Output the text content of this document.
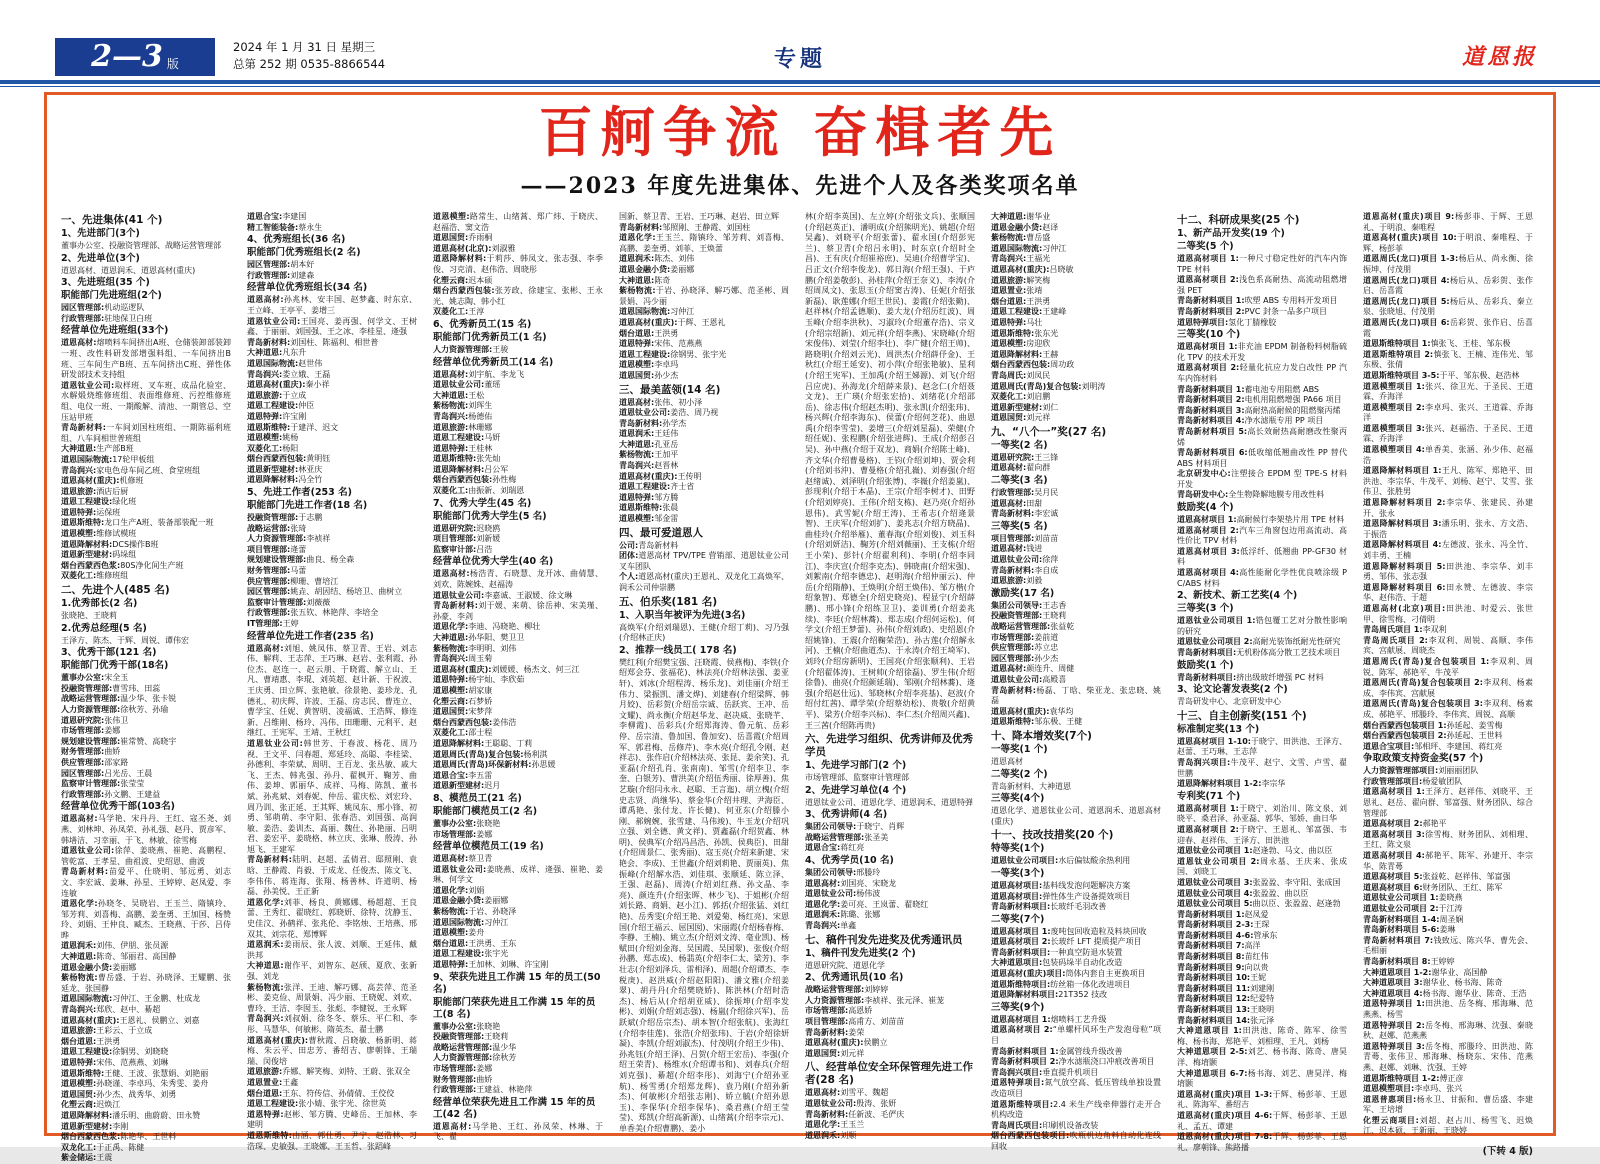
2—3 版
2024 年 1 月 31 日 星期三
总第 252 期 0535-8866544	专题	道恩报
百舸争流 奋楫者先
——2023 年度先进集体、先进个人及各类奖项名单
一、先进集体(41 个)
1、先进部门(3个)

董事办公室、投融资管理部、战略运营管理部

2、先进单位(3个)

道恩高材、道恩润禾、道恩高材(重庆)

3、先进班组(35 个)
职能部门先进班组(2个)

园区管理部:机动巡逻队

行政管理部:驻地保卫白班

经营单位先进班组(33个)

道恩高材:熔喷料车间挤出A班、仓储装卸部装卸一班、改性料研发部增强料组、一车间挤出B班、三车间生产B班、五车间挤出C班、弹性体研发部技术支持组

道恩钛业公司:取样班、叉车班、成品化验室、水解煅烧维修班组、表面维修班、污控维修班组、电仪一班、一期酸解、清池、一期管总、空压站甲班

青岛新材料:一车间刘国柱班组、一期陈福利班组、八车间相世普班组

大神道恩:生产部B班

道恩国际物流:17轮甲板组

青岛润兴:家电色母车间乙班、食堂班组

道恩高材(重庆):机修班

道恩旅游:酒店后厨

道恩工程建设:绿化班

道恩特弹:运保班

道恩斯维特:龙口生产A班、装备部装配一班

道恩模塑:维修试模班

道恩降解材料:DCS操作B班

道恩新型建材:码垛组

烟台西蒙西色浆:80S净化间生产班

双菱化工:维修班组

二、先进个人(485 名)
1.优秀部长(2 名)

张晓艳、王晓莉

2.优秀总经理(5 名)

王泽方、陈杰、于辉、周锐、谭伟宏

3、优秀干部(121 名)
职能部门优秀干部(18名)

董事办公室:宋全玉

投融资管理部:曹雪玮、田蕊

战略运营管理部:温少华、张卡锐

人力资源管理部:徐秋芳、孙瑜

道恩研究院:张伟卫

市场管理部:姜娜

规划建设管理部:崔常赞、高晓宇

财务管理部:曲娇

供应管理部:邵家路

园区管理部:吕光岳、王晨

监察审计管理部:张莹莹

行政管理部:孙文鹏、王建益

经营单位优秀干部(103名)

道恩高材:马学艳、宋丹丹、王红、寇丕尧、刘燕、刘林坤、孙凤荣、孙礼强、赵丹、贾彦军、韩墡洁、习幸丽、于飞、林敏、徐雪梅

道恩钛业公司:徐萍、姜晓燕、崔艳、高鹏程、管乾富、王孝星、曲祖波、史绍恩、曲波

青岛新材料:苗爱平、仕晓明、邹远勇、刘志文、李宏诚、姜琳、孙星、王婷婷、赵凤爱、李连敏

道恩化学:孙晓冬、吴晓岩、王玉兰、隋镇玲、邹芳莉、刘喜梅、高鹏、姜奎勇、王加国、杨赞玲、刘娟、王仲良、臧杰、王晓燕、于莎、吕侍晔

道恩润禾:刘伟、伊朋、张员源

大神道恩:陈奇、邹丽君、高国静

道恩金融小贷:姜丽娜

紫杨物流:曹岳盛、于岩、孙晓泽、王耀鹏、张延龙、张国静

道恩国际物流:习仲江、王金鹏、杜成龙

青岛润兴:郑欣、赵中、綦超

道恩高材(重庆):王恩礼、侯鹏立、刘嘉

道恩旅游:王彩云、于立成

烟台道恩:王洪勇

道恩工程建设:徐铜男、刘晓晓

道恩特弹:宋伟、范燕燕、刘琳

道恩斯维特:王健、王波、张慧娟、刘艳丽

道恩模塑:孙晓谨、李卓玛、朱秀雯、姜舟

道恩国贸:孙少杰、战秀华、刘勇

化塑云商:迟焕江

道恩降解材料:潘乐明、曲蔚蔚、田永赞

道恩新型建材:李刚

烟台西蒙西色浆:陈艳华、王世料

双龙化工:于正禹、陈健

紫金储运:王震

道恩合宝:李建国

精工智能装备:蔡永生

4、优秀班组长(36 名)
职能部门优秀班组长(2 名)

园区管理部:胡本好

行政管理部:刘建森

经营单位优秀班组长(34 名)

道恩高材:孙兆林、安丰国、赵梦鑫、时东京、王立峰、王亭平、姜增三

道恩钛业公司:王国亮、姜再强、何学文、王树鑫、于丽丽、刘国强、王之冰、李桂星、逄强

青岛新材料:刘国柱、陈福利、相世普

大神道恩:凡东升

道恩国际物流:赵世伟

青岛润兴:娄立娥、王磊

道恩高材(重庆):秦小祥

道恩旅游:于立成

道恩工程建设:仲臣

道恩特弹:许宝刚

道恩斯维特:于建洋、迟文

道恩模塑:姚杨

双菱化工:杨阳

烟台西蒙西包装:黄明钰

道恩新型建材:林亚庆

道恩降解材料:冯全竹

5、先进工作者(253 名)
职能部门先进工作者(18 名)

投融资管理部:于志鹏

战略运营部:张琦

人力资源管理部:李祯祥

项目管理部:逄蕾

规划建设管理部:曲良、杨全森

财务管理部:马蕾

供应管理部:柳珊、曹培江

园区管理部:姚垚、胡因结、杨培卫、曲树立

监察审计管理部:刘薇薇

行政管理部:张五钦、林艳萍、李培全

IT管理部:王婷

经营单位先进工作者(235 名)

道恩高材:刘旭、姚凤伟、蔡卫青、王岩、刘志伟、解莉、王志萍、王巧琳、赵岩、张利霞、孙位杰、赵连一、赵云朋、于晓霞、解立山、王凡、曹靖惠、李琨、刘英超、赵计新、于祝波、王庆勇、田立辉、张艳敏、徐景艳、姜珍龙、孔德礼、初庆辉、许波、王磊、房志民、曹连立、曹学宝、任妮、黄智明、凌福诚、王浩辉、修连新、吕维刚、杨玲、冯伟、田珊珊、元利平、赵继红、王宪军、王靖、王秋红

道恩钛业公司:韩世芳、于春波、杨花、周乃视、王文平、闫春超、郑延玲、高聪、李桂梁、孙德利、李荣斌、周明、王百龙、张丛敏、戚大飞、王杰、韩兆强、孙丹、翟枫开、鞠芳、曲伟、姜坤、郭丽华、成祥、马梅、陈凯、董书斌、孙兆斌、刘春妮、仲岳、霍庆松、刘宏玲、周乃训、张正延、王其辉、姚凤东、邢小锋、初勇、邹萌萌、李守阳、张春浩、刘国强、高润敏、姜浩、姜训杰、高丽、魏仕、孙艳丽、吕明君、姜宏平、姜晓格、林立庆、张琳、殷涛、孙旭飞、王建军

青岛新材料:陆明、赵超、孟倩君、邸照刚、袁晗、王静霞、肖毅、于成龙、任俊杰、陈文飞、李伟伟、蒋连海、张翔、杨善林、许道明、杨磊、孙美悦、王正新

道恩化学:刘菲、杨良、黄娜娜、杨超超、王良蕾、王秀红、翟晓红、郭晓妍、徐特、沈静玉、史佳汶、孙鹤祥、张兆伦、李铭烛、王培燕、邢双其、刘宗花、郑博辉

道恩润禾:姜雨辰、张人波、刘顺、王延伟、戴洪邦

大神道恩:谢作平、刘智东、赵颀、夏欣、张新强、刘龙

紫杨物流:张洋、王迪、解巧娜、高芸萍、范圣彬、姜克俭、周景娟、冯少丽、王晓妮、刘欢、曹玲、王洁、李囡玉、张彪、李健锐、王永辉

青岛润兴:刘叔娟、徐冬冬、蔡乐、平仁和、李彤、马慧华、何敏彬、隋英杰、翟士鹏

道恩高材(重庆):曹秋霞、吕晓敏、杨新明、蒋梅、朱云平、田忠芳、番绍吉、廖朝锋、王瑞瑞、闵俊培

道恩旅游:乔娜、解笑梅、刘特、王蔚、张双全

道恩置业:王鑫

烟台道恩:王东、符传信、孙倩倩、王佼佼

道恩工程建设:张小婧、张宇光、徐世英

道恩特弹:赵彬、邹方腾、史峰岳、王加林、李建明

道恩斯维特:由涵、郭仕勇、尹宁、赵浩林、习浩琛、史敏强、王晓娜、王玉哲、张蹈峰

道恩模塑:路常生、山绪蒿、郑广炜、于晓庆、赵福浩、窦文浩

道恩国贸:乔雨桐

道恩高材(北京):刘淑雅

道恩降解材料:于莉莎、韩凤文、张志强、李季俊、习克清、赵伟浩、周晓彤

化塑云商:迟本硕

烟台西蒙西包装:张芳政、徐建宝、张彬、王永光、姚志陶、韩小红

双菱化工:王淳

6、优秀新员工(15 名)
职能部门优秀新员工(1 名)

人力资源管理部:王骏

经营单位优秀新员工(14 名)

道恩高材:刘宇航、李龙飞

道恩钛业公司:董瑶

大神道恩:王松

紫杨物流:刘珲生

青岛润兴:杨德佑

道恩旅游:林珊娜

道恩工程建设:马妍

道恩特弹:王桂林

道恩斯维特:张先灿

道恩降解材料:吕公军

烟台西蒙西包装:孙性梅

双菱化工:由振新、刘瑞恩

7、优秀大学生(45 名)
职能部门优秀大学生(5 名)

道恩研究院:迟晓鸥

项目管理部:刘新媛

监察审计部:吕浩

经营单位优秀大学生(40 名)

道恩高材:杨浩青、石晓慧、龙开冰、曲倩慧、刘欢、陈婉姝、赵福涛

道恩钛业公司:李嘉诚、王淑媛、徐文琳

青岛新材料:刘于媛、来萌、徐岳神、宋美瑾、孙豪、李剑

道恩化学:李迪、冯晓艳、柳壮

大神道恩:孙华阳、樊卫卫

紫杨物流:李明明、刘伟

青岛润兴:周玉菊

道恩高材(重庆):刘媛媛、杨杰文、何三江

道恩特弹:杨宇灿、李欣茹

道恩模塑:胡家康

化塑云商:石梦娇

道恩国贸:宋梦萍

烟台西蒙西包装:姜伟浩

双菱化工:邵士程

道恩降解材料:王聪聪、丁莉

道恩周氏(青岛)复合包装:杨利淇

道恩周氏(青岛)环保新材料:孙思媛

道恩合宝:李五雷

道恩新型建材:迟月

8、模范员工(21 名)
职能部门模范员工(2 名)

董事办公室:张晓艳

市场管理部:姜娜

经营单位模范员工(19 名)

道恩高材:蔡卫青

道恩钛业公司:姜晓燕、成祥、逄强、崔艳、姜琳、何学文

道恩化学:刘娟

道恩金融小贷:姜丽娜

紫杨物流:于岩、孙晓泽

道恩国际物流:习仲江

道恩模塑:姜舟

烟台道恩:王洪勇、王东

道恩工程建设:张宇光

道恩特弹:王加林、刘琳、许宝刚

9、荣获先进且工作满 15 年的员工(50 名)
职能部门荣获先进且工作满 15 年的员工(8 名)

董事办公室:张晓艳

投融资管理部:王晓莉

战略运营管理部:温少华

人力资源管理部:徐秋芳

市场管理部:姜娜

财务管理部:曲娇

行政管理部:王建益、林艳萍

经营单位荣获先进且工作满 15 年的员工(42 名)

道恩高材:马学艳、王红、孙凤荣、林琳、于飞、翟

国新、蔡卫青、王岩、王巧琳、赵岩、田立辉

青岛新材料:邹照刚、王静霞、刘国柱

道恩化学:王玉兰、隋镇玲、邹芳莉、刘喜梅、高鹏、姜奎勇、刘菲、王焕蕾

道恩润禾:陈杰、刘伟

道恩金融小贷:姜丽娜

大神道恩:陈奇

紫杨物流:于岩、孙晓泽、解巧娜、范圣彬、周景娟、冯少丽

道恩国际物流:习仲江

道恩高材(重庆):于辉、王恩礼

烟台道恩:王洪勇

道恩特弹:宋伟、范燕燕

道恩工程建设:徐钢男、张宇光

道恩模塑:李卓玛

道恩国贸:孙少杰

三、最美蓝领(14 名)

道恩高材:张伟、初小泽

道恩钛业公司:姜浩、周乃视

青岛新材料:孙学杰

道恩润禾:王廷伟

大神道恩:孔亚岳

紫杨物流:王加平

青岛润兴:赵晋林

道恩高材(重庆):王传明

道恩工程建设:齐士省

道恩特弹:邹方腾

道恩斯维特:张晨

道恩模塑:邹金雷

四、最可爱道恩人

公司:青岛新材料

团体:道恩高材 TPV/TPE 营销部、道恩钛业公司叉车团队

个人:道恩高材(重庆)王恩礼、双龙化工高焕军、润禾公司仲崇鹏

五、伯乐奖(181 名)
1、入职当年被评为先进(3名)

高焕军(介绍刘瑞恩)、王健(介绍丁莉)、习乃强(介绍林正庆)

2、推荐一线员工( 178 名)

樊红利(介绍樊宝强、汪晓霞、侯燕梅)、李铁(介绍郑会芬、张福花)、林法亮(介绍林法强、姜亚轩)、刘冰(介绍程涛、杨乐龙)、刘佳丽(介绍王伟力、梁振凯、潘文烨)、刘建春(介绍梁辉、韩月姣)、岳彩贺(介绍岳宗诚、岳跃宾、王冲、岳文耀)、尚永衡(介绍赵华龙、赵决威、张晓芊、李柳霞)、岳彩兵(介绍郑海涛、鲁元航、岳彩停、岳宗清、鲁加国、鲁加安)、岳喜霞(介绍周军、郭君梅、岳修芹)、李木亮(介绍孔令刚、赵祥志)、张作启(介绍林法亮、张昆、姜余笑)、孔亚磊(介绍孔肖、张南南)、邹雪(介绍李卫、李奎、白银芳)、曹洪美(介绍伍秀丽、徐厚善)、焦艺璇(介绍闫永永、赵聪、王言迤)、胡立槐(介绍史志贤、尚继华)、蔡金华(介绍井理、尹海臣、谭禹艳、张付龙、许长健)、何亚东(介绍滕小刚、郝婉婉、张雪建、马伟竣)、牛玉龙(介绍巩立强、刘全德、黄文祥)、贾鑫磊(介绍贺鑫、林明)、侯典军(介绍冯昌浩、孙凯、侯典臣)、田甜(介绍周景仁、张秀丽)、寇玉亮(介绍来新建、宋艳会、李成)、王世鑫(介绍刘莉艳、贾丽英)、焦振峰(介绍解水浩、刘佳琪、张顺延、陈立泽、王强、赵磊)、周涛(介绍刘红燕、孙文晶、李亮)、颜连升(介绍张晖、林少飞)、于姐彬(介绍刘长路、商娟、赵小江)、郭括(介绍张猛、刘红艳)、岳秀雯(介绍王艳、刘爱菊、杨红亮)、宋恩国(介绍王福云、屈国囡)、宋丽霞(介绍杨春梅、李静、王楠)、姚立杰(介绍刘文涛、毫业凯)、杨赋田(介绍刘金海、吴国霞、吴国翠)、张俊(介绍孙鹏、郑志成)、杨翡英(介绍李仁太、梁芳)、李壮志(介绍刘泽兵、雷相泽)、周超(介绍谭杰、李税庚)、赵洪威(介绍赵阳阳)、潘文雅(介绍姜翠)、胡丹丹(介绍樊晓娇)、陈洪林(介绍时浩杰)、杨后从(介绍胡亚威)、徐振坤(介绍李发彬)、刘娟(介绍刘志强)、杨嵐(介绍徐兴军)、岳跃斌(介绍岳宗杰)、胡本智(介绍张航)、张海红(介绍李佳莲)、张浩(介绍张玮)、于岩(介绍徐妍凝)、李凯(介绍刘淑杰)、付茂明(介绍王少伟)、孙兆钰(介绍王泽)、吕贺(介绍王宏岳)、李强(介绍王荣青)、杨维水(介绍谭书和)、刘春兵(介绍刘克强)、綦超(介绍李彤)、刘海宁(介绍孙亚航)、杨雪勇(介绍郑龙辉)、袁乃刚(介绍孙新杰)、何敏彬(介绍张志刚)、娇立毓(介绍孙恩玉)、李保华(介绍李保华)、桑君燕(介绍王莹莹)、郑凯(介绍高新源)、山绪蒿(介绍李宗元)、单香美(介绍曹鹏)、姜小

林(介绍李英国)、左立婷(介绍张文兵)、张顺国(介绍赵英正)、潘明成(介绍熊明光)、姚超(介绍吴鑫)、刘晓平(介绍张蕾)、翟永国(介绍彭宪兰)、蔡卫青(介绍吕永明)、时东京(介绍时全昌)、王有庆(介绍崔裕庶)、吴迪(介绍曹学宝)、吕正文(介绍李俊龙)、郭日海(介绍王强)、于庐鹏(介绍姜敬彭)、孙桂萍(介绍王奈义)、李涛(介绍周凤文)、张思玉(介绍窦古涛)、任妮(介绍张新磊)、耿莲娜(介绍王世民)、姜霞(介绍张勤)、赵祥林(介绍孟德顺)、姜大龙(介绍历红波)、周玉峰(介绍李洪秋)、习淑玲(介绍董存浩)、宗义(介绍宗绍新)、刘元祥(介绍李燕)、宋晓峰(介绍宋俊伟)、刘莹(介绍李壮)、李广健(介绍王帅)、路晓明(介绍刘云光)、周洪杰(介绍薛伃金)、王秋红(介绍王延安)、初小萍(介绍张艳敏)、星利(介绍王宪军)、王加禹(介绍王娣源)、刘飞(介绍吕应虎)、孙海龙(介绍薛来景)、赵念仁(介绍聂文龙)、王广瑛(介绍张宏拾)、刘绪花(介绍邵岳)、徐志伟(介绍赵杰明)、张永凯(介绍张玮)、杨兴辉(介绍李海东)、侯蕾(介绍何芝花)、曲恩禹(介绍李雪莹)、姜增三(介绍刘星磊)、荣健(介绍任妮)、张程鹏(介绍张进辉)、王成(介绍彭召吴)、孙中燕(介绍于双龙)、商娟(介绍陈士峰)、齐文华(介绍曹曼格)、王钧(介绍刘坤)、贾会利(介绍刘书沖)、曹曼格(介绍孔嶶)、刘春强(介绍赵绪诚)、刘泽明(介绍张博)、李嶶(介绍姜嵐)、彭现利(介绍于本晶)、王宗(介绍李树才)、田野(介绍刘婷亮)、王伟(介绍支栋)、赵乃亮(介绍孙恩伟)、武雪妮(介绍王涛)、王希志(介绍逄景智)、王庆军(介绍刘扩)、姜兆志(介绍方晓晶)、曲桂玲(介绍举雁)、董春海(介绍刘俊)、刘玉科(介绍刘妍洁)、鞠芳(介绍刘薇丽)、王支栋(介绍王小荣)、彭针(介绍翟利利)、李明(介绍李同江)、李庆宣(介绍李克杰)、韩晓南(介绍宋强)、刘絮南(介绍李德忠)、赵明海(介绍仲丽云)、仲岳(介绍隋静)、王焕明(介绍王焕伟)、邹方楷(介绍象智)、郑德全(介绍史晓亮)、程显宁(介绍薛鹏)、邢小锋(介绍练卫卫)、姜训勇(介绍姜兆续)、李廷(介绍林蕎)、郑志成(介绍何运松)、何学文(介绍王梦蕾)、孙伟(介绍刘政)、史绍恩(介绍姚锋)、王震(介绍鞠荣浩)、孙古莲(介绍解永河)、王楠(介绍曲道杰)、于永涛(介绍王埼军)、刘玲(介绍房新明)、王国亮(介绍张顺利)、王岩(介绍翟体涛)、王树帅(介绍徐磊)、罗生伟(介绍徐鲁)、曲亮(介绍颜延瑞)、邹刚(介绍林蕎)、逄强(介绍赵仕远)、邹晓林(介绍李亮基)、赵波(介绍付红茜)、谭学荣(介绍蔡幼松)、贵敬(介绍黄平)、梁芳(介绍李兴标)、李仁杰(介绍周兴鑫)、王三茜(介绍陈再贵)

六、先进学习组织、优秀讲师及优秀学员
1、先进学习部门(2 个)

市场管理部、监察审计管理部

2、先进学习单位(4 个)

道恩钛业公司、道恩化学、道恩润禾、道恩特弹

3、优秀讲师(4 名)

集团公司领导:于晓宁、肖辉

战略运营管理部:张圣美

道恩合宝:蒋红亮

4、优秀学员(10 名)

集团公司领导:邢媵玲

道恩高材:刘国亮、宋晓龙

道恩钛业公司:杨伟波

道恩化学:姜可亮、王岚蕾、翟晓红

道恩润禾:陈璐、张娜

青岛润兴:单鑫

七、稿件刊发先进奖及优秀通讯员
1、稿件刊发先进奖(2 个)

道恩研究院、道恩化学

2、优秀通讯员(10 名)

战略运营管理部:刘婷婷

人力资源管理部:李祯祥、张元泽、崔茏

市场管理部:高恩娇

项目管理部:高甫方、刘苗苗

青岛新材料:姜荣

道恩高材(重庆):侯鹏立

道恩国贸:刘元祥

八、经营单位安全环保管理先进工作者(28 名)

道恩高材:刘雪平、魏超

道恩钛业公司:殷涛、张妍

青岛新材料:任新波、毛俨庆

道恩化学:王玉兰

道恩润禾:刘顺

大神道恩:谢华业

道恩金融小贷:赵译

紫杨物流:曹岳盛

道恩国际物流:习仲江

青岛润兴:王福光

道恩高材(重庆):吕晓敏

道恩旅游:解笑梅

道恩置业:张靖

烟台道恩:王洪勇

道恩工程建设:王建峰

道恩特弹:马壮

道恩斯维特:张东光

道恩模塑:房迎欣

道恩降解材料:王赫

烟台西蒙西包装:周功政

青岛周氏:刘凤民

道恩周氏(青岛)复合包装:刘明涛

双菱化工:刘启鹏

道恩新型建材:刘仁

道恩国贸:刘元祥

九、“八个一”奖(27 名)
一等奖(2 名)

道恩研究院:王三锋

道恩高材:翟向群

二等奖(3 名)

行政管理部:吴月民

道恩高材:田甜

青岛新材料:李宏诚

三等奖(5 名)

项目管理部:刘苗苗

道恩高材:钱进

道恩钛业公司:徐萍

青岛新材料:李自成

道恩旅游:刘毅

激励奖(17 名)

集团公司领导:王志香

投融资管理部:王晓莉

战略运营管理部:张益乾

市场管理部:姜前道

供应管理部:苏立忠

园区管理部:孙少杰

道恩高材:颜连升、周健

道恩钛业公司:高殿喜

青岛新材料:杨磊、丁晗、柴亚龙、张忠晓、姚磊

道恩高材(重庆):袁华均

道恩斯维特:邹东极、王健

十、降本增效奖(7个)
一等奖(1 个)

道恩高材

二等奖(2 个)

青岛新材料、大神道恩

三等奖(4个)

道恩化学、道恩钛业公司、道恩润禾、道恩高材(重庆)

十一、技改技措奖(20 个)
特等奖(1个)

道恩钛业公司项目:水后偏钛酸余热利用

一等奖(3个)

道恩高材项目:基料线发泡问题解决方案

道恩高材项目:弹性体生产设备提效项目

青岛新材料项目:长玻纤毛羽改善

二等奖(7个)

道恩高材项目 1:废吨包回收造粒及料块回收

道恩高材项目 2:长玻纤 LFT 提质提产项目

青岛新材料项目:一种真空防退水装置

大神道恩项目:包装码垛半自动化改造

道恩高材(重庆)项目:筒体内套自主更换项目

道恩斯维特项目:纺丝箱一体化改进项目

道恩降解材料项目:21T352 技改

三等奖(9个)

道恩高材项目 1:熔喷料工艺升级

道恩高材项目 2:“单螺杆风环生产发泡母粒”项目

青岛新材料项目 1:金属管线升级改善

青岛新材料项目 2:净水滤瓶浇口冲痕改善项目

青岛润兴项目:垂直提升机项目

道恩特弹项目:氮气放空高、低压管线单独设置改造项目

道恩斯维特项目:2.4 米生产线牵伸器行走开合机构改造

青岛周氏项目:印刷机设备改装

烟台西蒙西包装项目:吹瓶机边角料自动化连线回收

十二、科研成果奖(25 个)
1、新产品开发奖(19 个)
二等奖(5 个)

道恩高材项目 1:一种尺寸稳定性好的汽车内饰 TPE 材料

道恩高材项目 2:浅色系高耐热、高流动阻燃增强 PET

青岛新材料项目 1:吹塑 ABS 专用料开发项目

青岛新材料项目 2:PVC 封条一品多户项目

道恩特弹项目:氢化丁腈橡胶

三等奖(10 个)

道恩高材项目 1:非充油 EPDM 制备粉料树脂硫化 TPV 的技术开发

道恩高材项目 2:轻量化抗应力发白改性 PP 汽车内饰材料

青岛新材料项目 1:蓄电池专用阻燃 ABS

青岛新材料项目 2:电机用阻燃增强 PA66 项目

青岛新材料项目 3:高耐热高耐候的阻燃聚丙烯

青岛新材料项目 4:净水滤瓶专用 PP 项目

青岛新材料项目 5:高长效耐热高耐磨改性聚丙烯

青岛新材料项目 6:低收缩低翘曲改性 PP 替代 ABS 材料项目

北京研发中心:注塑接合 EPDM 型 TPE-S 材料开发

青岛研发中心:全生物降解地膜专用改性料

鼓励奖(4 个)

道恩高材项目 1:高耐候行李架垫片用 TPE 材料

道恩高材项目 2:汽车三角窗包边用高流动、高性价比 TPV 材料

道恩高材项目 3:低浮纤、低翘曲 PP-GF30 材料

道恩高材项目 4:高性能耐化学性优良喷涂级 PC/ABS 材料

2、新技术、新工艺奖(4 个)
三等奖(3 个)

道恩钛业公司项目 1:锆包覆工艺对分散性影响的研究

道恩钛业公司项目 2:高耐光装饰纸耐光性研究

青岛新材料项目:无机粉体高分散工艺技术项目

鼓励奖(1 个)

青岛新材料项目:挤出级玻纤增强 PC 材料

3、论文论著发表奖(2 个)

青岛研发中心、北京研发中心

十三、自主创新奖(151 个)
标准制定奖(13 个)

道恩高材项目 1-10:于晓宁、田洪池、王泽方、赵蕾、王巧琳、王志萍

青岛润兴项目:牛茂平、赵宁、文雪、卢雪、翟世鹏

道恩降解材料项目 1-2:李宗华

专利奖(71 个)

道恩高材项目 1:于晓宁、刘治川、陈文泉、刘晓平、桑君泽、孙亚磊、郭华、邹娇、曲日华

道恩高材项目 2:于晓宁、王恩礼、邹富强、韦迎春、赵祥伟、王泽方、田洪池

道恩钛业公司项目 1:赵逢勃、马文、曲以臣

道恩钛业公司项目 2:周永基、王庆来、张成国、刘晓工

道恩钛业公司项目 3:张盈盈、李守阳、张成国

道恩钛业公司项目 4:张盈盈、曲以臣

道恩钛业公司项目 5:曲以臣、张盈盈、赵逢勃

青岛新材料项目 1:赵凤爱

青岛新材料项目 2-3:王琛

青岛新材料项目 4-6:管承东

青岛新材料项目 7:高洋

青岛新材料项目 8:苗红伟

青岛新材料项目 9:向以贵

青岛新材料项目 10:王妮

青岛新材料项目 11:刘建刚

青岛新材料项目 12:纪爱特

青岛新材料项目 13:王晓明

青岛新材料项目 14:张元泽

大神道恩项目 1:田洪池、陈奇、陈军、徐雪梅、杨书海、郑艳平、刘相理、王凡、刘杨

大神道恩项目 2-5:刘艺、杨书海、陈奇、唐昊洋、梅堉颢

大神道恩项目 6-7:杨书海、刘艺、唐昊洋、梅堉颢

道恩高材(重庆)项目 1-3:于辉、杨彭菲、王恩礼、陈海军、番绍吉

道恩高材(重庆)项目 4-6:于辉、杨彭菲、王恩礼、孟五、谭建

道恩高材(重庆)项目 7-8:于辉、杨彭菲、王恩礼、廖朝锋、熊路播

道恩高材(重庆)项目 9:杨彭菲、于辉、王恩礼、于明浪、秦唯程

道恩高材(重庆)项目 10:于明浪、秦唯程、于辉、杨彭菲

道恩周氏(龙口)项目 1-3:杨后从、尚永衡、徐振坤、付茂朋

道恩周氏(龙口)项目 4:杨后从、岳彩贺、张作启、岳喜霞

道恩周氏(龙口)项目 5:杨后从、岳彩兵、秦立泉、张晓旭、付茂朋

道恩周氏(龙口)项目 6:岳彩贺、张作启、岳喜霞

道恩斯维特项目 1:慎张飞、王桂、邹东极

道恩斯维特项目 2:慎张飞、王楠、连伟光、邹东极、张倩

道恩斯维特项目 3-5:于平、邹东极、赵浩林

道恩模塑项目 1:张兴、徐卫光、于圣民、王道霖、乔海洋

道恩模塑项目 2:李卓玛、张兴、王道霖、乔海洋

道恩模塑项目 3:张兴、赵福浩、于圣民、王道霖、乔海洋

道恩模塑项目 4:单香美、张涵、孙少伟、赵福浩

道恩降解材料项目 1:王凡、陈军、郑艳平、田洪池、李宗华、牛茂平、刘杨、赵宁、艾雪、张伟卫、张胜男

道恩降解材料项目 2:李宗华、张建民、孙建开、张永

道恩降解材料项目 3:潘乐明、张永、方文浩、于振浩

道恩降解材料项目 4:左德波、张永、冯全竹、刘丰勇、王楠

道恩降解材料项目 5:田洪池、李宗华、刘丰勇、邹伟、张志强

道恩降解材料项目 6:田永赞、左德波、李宗华、赵伟浩、于超

道恩高材(北京)项目:田洪池、时爱云、张世甲、徐雪梅、刁倩明

青岛周氏项目 1:李双利

青岛周氏项目 2:李双利、周锐、高顺、李伟宾、宫献展、周晓杰

道恩周氏(青岛)复合包装项目 1:李双利、周锐、陈军、郝艳平、牛茂平

道恩周氏(青岛)复合包装项目 2:李双利、杨素成、李伟宾、宫献展

道恩周氏(青岛)复合包装项目 3:李双利、杨素成、郝艳平、邢媵玲、李伟宾、周锐、高顺

烟台西蒙西包装项目 1:孙延起、姜雪梅

烟台西蒙西包装项目 2:孙延起、王世料

道恩合宝项目:邹相玶、李建国、蒋红亮

争取政策支持资金奖(57 个)

人力资源管理部项目:刘丽丽团队

行政管理部项目:杨爱敏团队

道恩高材项目 1:王泽方、赵祥伟、刘晓平、王恩礼、赵岳、翟向群、邹富强、财务团队、综合管理部

道恩高材项目 2:郝艳平

道恩高材项目 3:徐雪梅、财务团队、刘相理、王红、陈文泉

道恩高材项目 4:郝艳平、陈军、孙建开、李宗华、陈青蕚

道恩高材项目 5:张益乾、赵祥伟、邹富强

道恩高材项目 6:财务团队、王红、陈军

道恩钛业公司项目 1:姜晓燕

道恩钛业公司项目 2:于江涛

青岛新材料项目 1-4:周圣娴

青岛新材料项目 5-6:姜琳

青岛新材料项目 7:钱致远、陈兴华、曹先会、毛相丽

青岛新材料项目 8:王婷婷

大神道恩项目 1-2:谢华业、高国静

大神道恩项目 3:谢华业、杨书海、陈奇

大神道恩项目 4:杨书海、谢华业、陈奇、王浩

道恩特弹项目 1:田洪池、岳冬梅、邢海琳、范燕燕、杨雪

道恩特弹项目 2:岳冬梅、邢海琳、沈强、秦晓秋、赵娜、范燕燕

道恩特弹项目 3:岳冬梅、邢媵玲、田洪池、陈青蕚、张伟卫、邢海琳、杨晓东、宋伟、范燕燕、赵娜、刘琳、沈强、王婷

道恩斯维特项目 1-2:傅正彦

道恩模塑项目:李卓玛、张兴

道恩普惠项目:杨永卫、甘振和、曹岳盛、李建军、王培增

化塑云商项目:刘超、赵占川、杨雪飞、迟焕江、迟本硕、王新丽、王晓婷

(下转 4 版)
